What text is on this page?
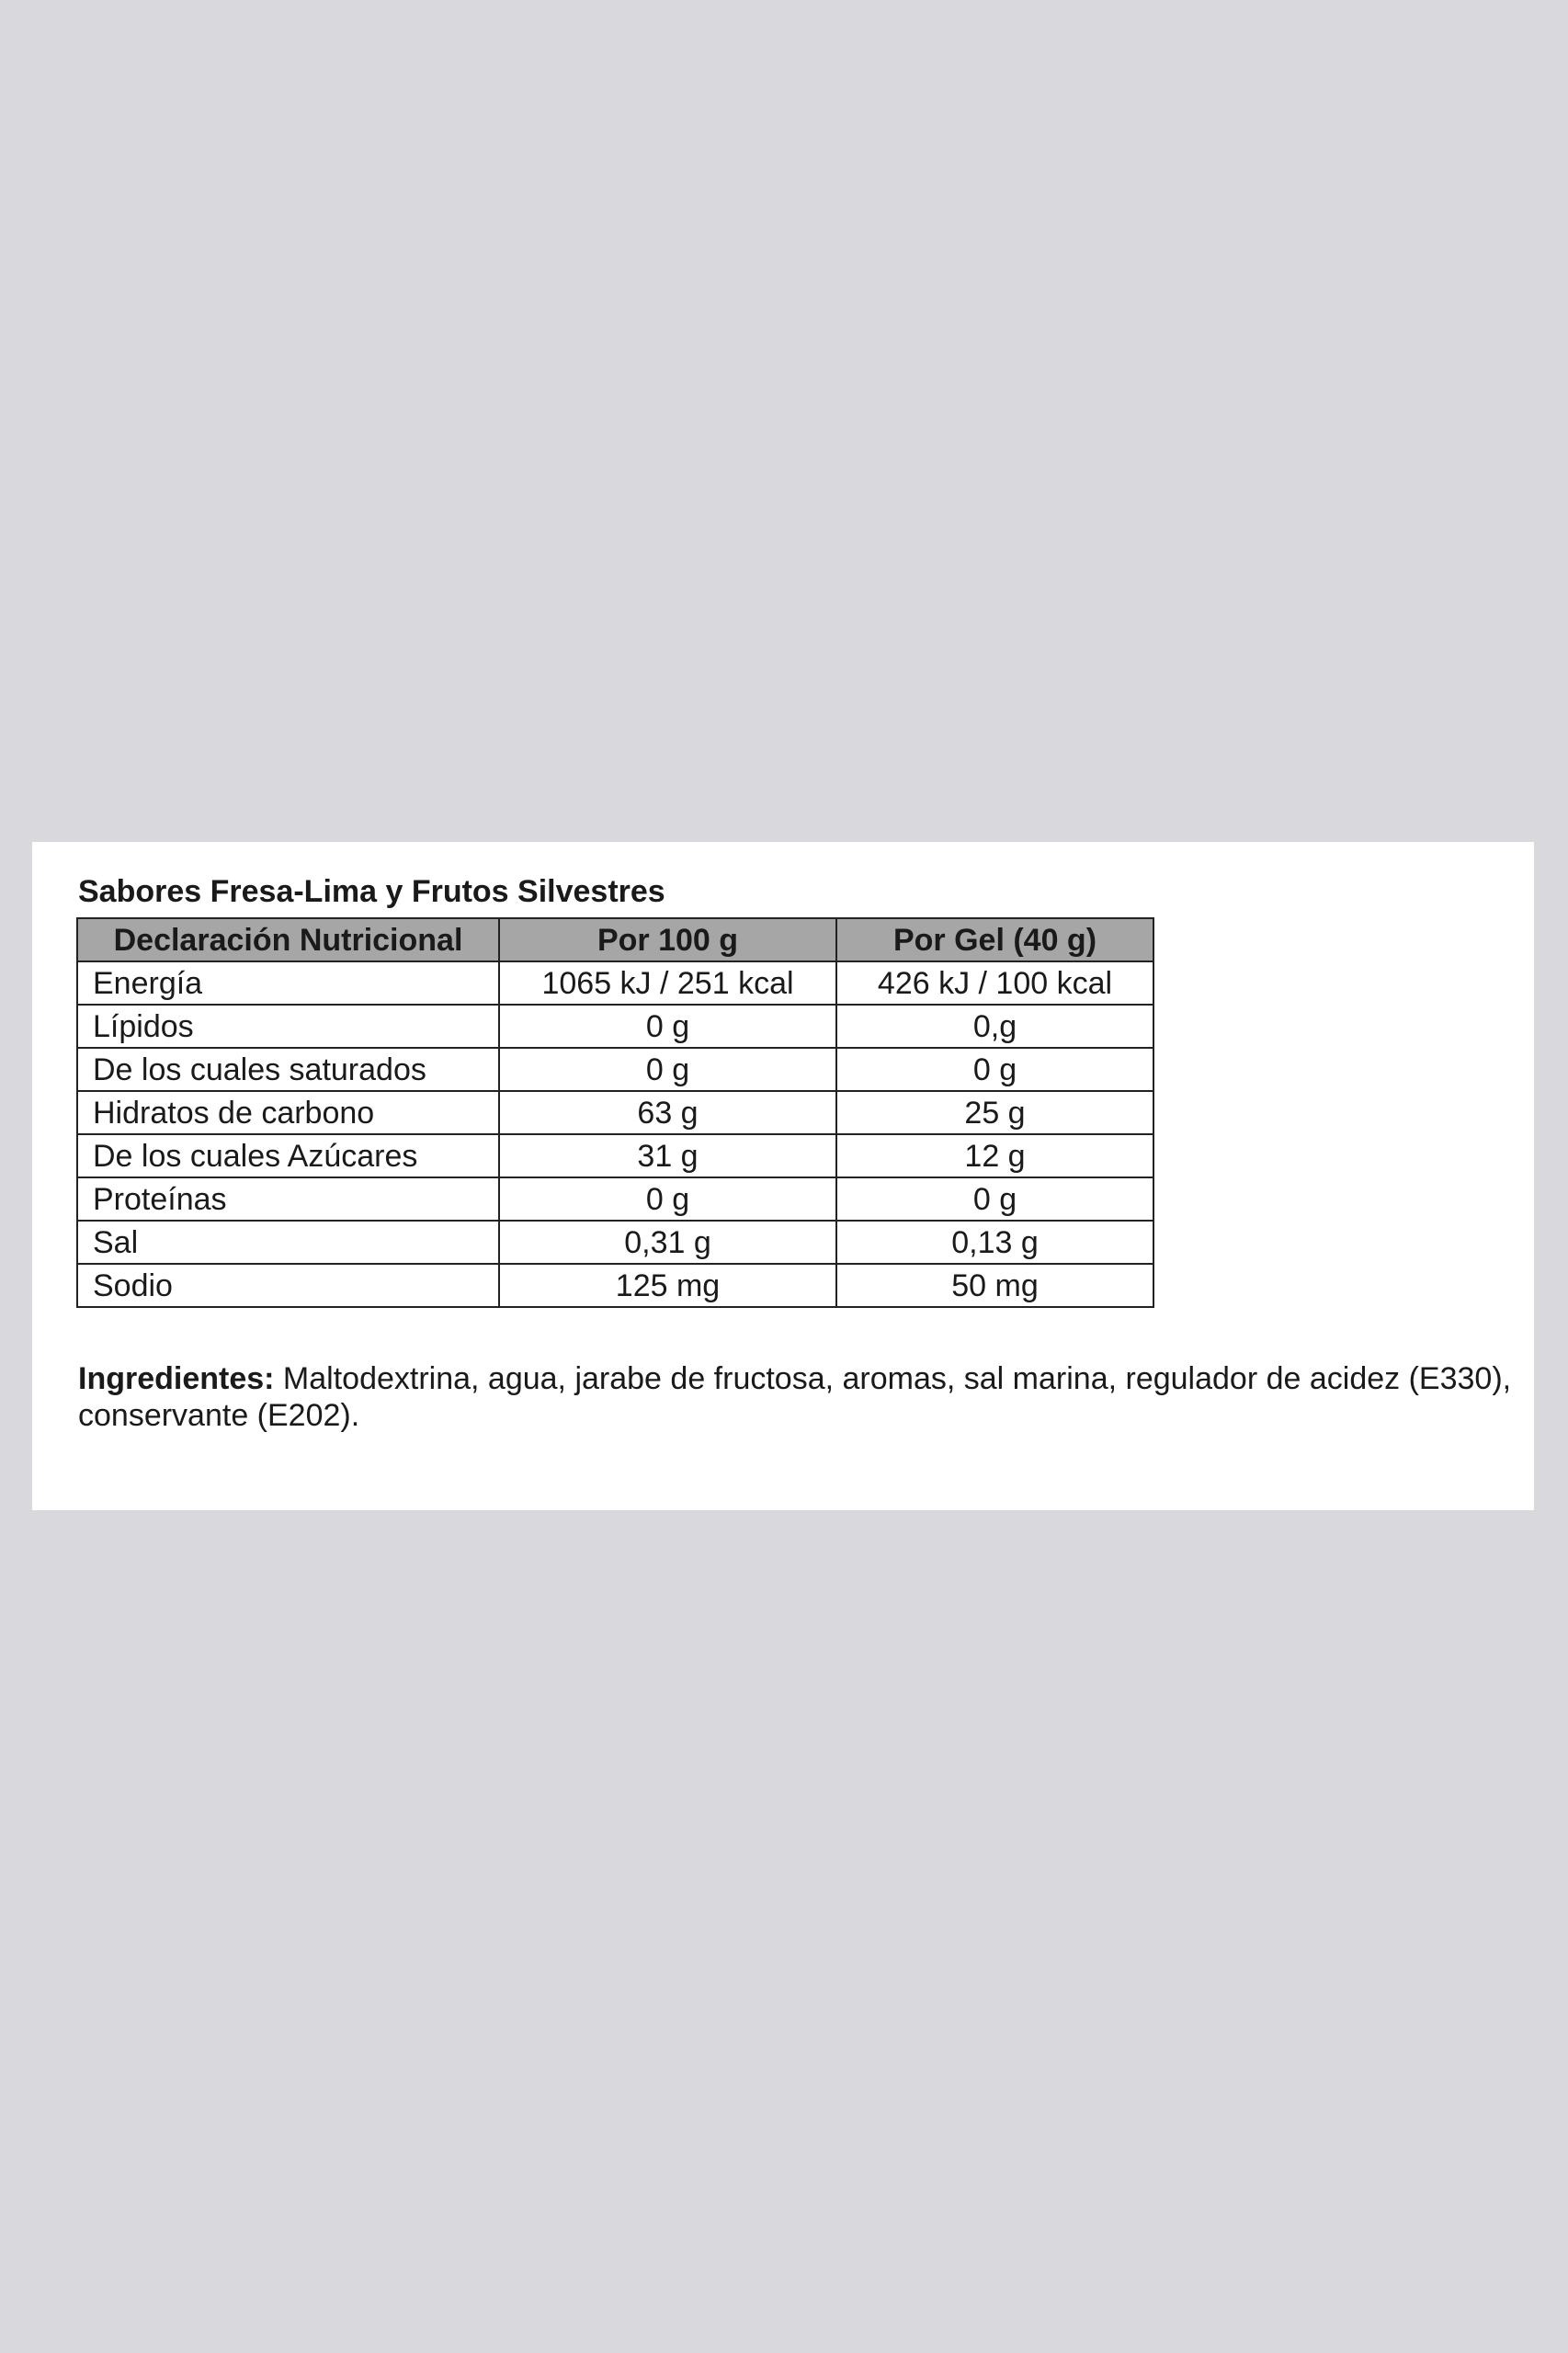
Sabores Fresa-Lima y Frutos Silvestres
Declaración Nutricional	Por 100 g	Por Gel (40 g)
Energía	1065 kJ / 251 kcal	426 kJ / 100 kcal
Lípidos	0 g	0,g
De los cuales saturados	0 g	0 g
Hidratos de carbono	63 g	25 g
De los cuales Azúcares	31 g	12 g
Proteínas	0 g	0 g
Sal	0,31 g	0,13 g
Sodio	125 mg	50 mg
Ingredientes: Maltodextrina, agua, jarabe de fructosa, aromas, sal marina, regulador de acidez (E330), conservante (E202).
